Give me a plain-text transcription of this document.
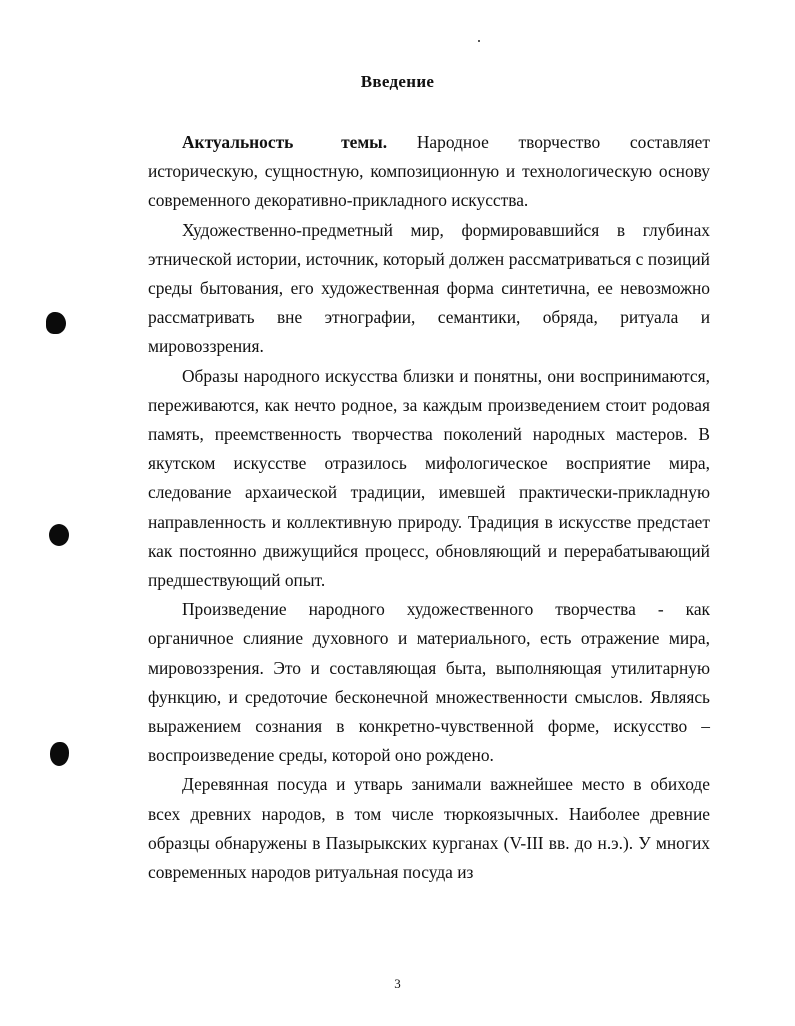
Введение

Актуальность темы. Народное творчество составляет историческую, сущностную, композиционную и технологическую основу современного декоративно-прикладного искусства.

Художественно-предметный мир, формировавшийся в глубинах этнической истории, источник, который должен рассматриваться с позиций среды бытования, его художественная форма синтетична, ее невозможно рассматривать вне этнографии, семантики, обряда, ритуала и мировоззрения.

Образы народного искусства близки и понятны, они воспринимаются, переживаются, как нечто родное, за каждым произведением стоит родовая память, преемственность творчества поколений народных мастеров. В якутском искусстве отразилось мифологическое восприятие мира, следование архаической традиции, имевшей практически-прикладную направленность и коллективную природу. Традиция в искусстве предстает как постоянно движущийся процесс, обновляющий и перерабатывающий предшествующий опыт.

Произведение народного художественного творчества - как органичное слияние духовного и материального, есть отражение мира, мировоззрения. Это и составляющая быта, выполняющая утилитарную функцию, и средоточие бесконечной множественности смыслов. Являясь выражением сознания в конкретно-чувственной форме, искусство – воспроизведение среды, которой оно рождено.

Деревянная посуда и утварь занимали важнейшее место в обиходе всех древних народов, в том числе тюркоязычных. Наиболее древние образцы обнаружены в Пазырыкских курганах (V-III вв. до н.э.). У многих современных народов ритуальная посуда из

3
